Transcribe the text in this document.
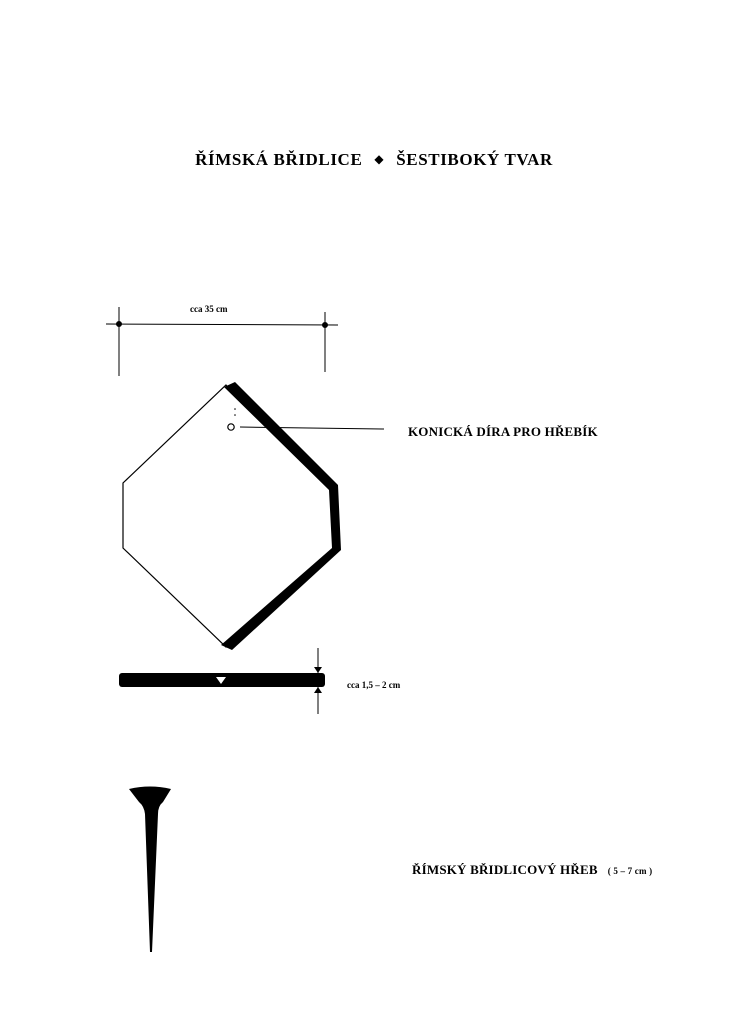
ŘÍMSKÁ BŘIDLICE ◆ ŠESTIBOKÝ TVAR
cca 35 cm
KONICKÁ DÍRA PRO HŘEBÍK
cca 1,5 – 2 cm
ŘÍMSKÝ BŘIDLICOVÝ HŘEB ( 5 – 7 cm )
